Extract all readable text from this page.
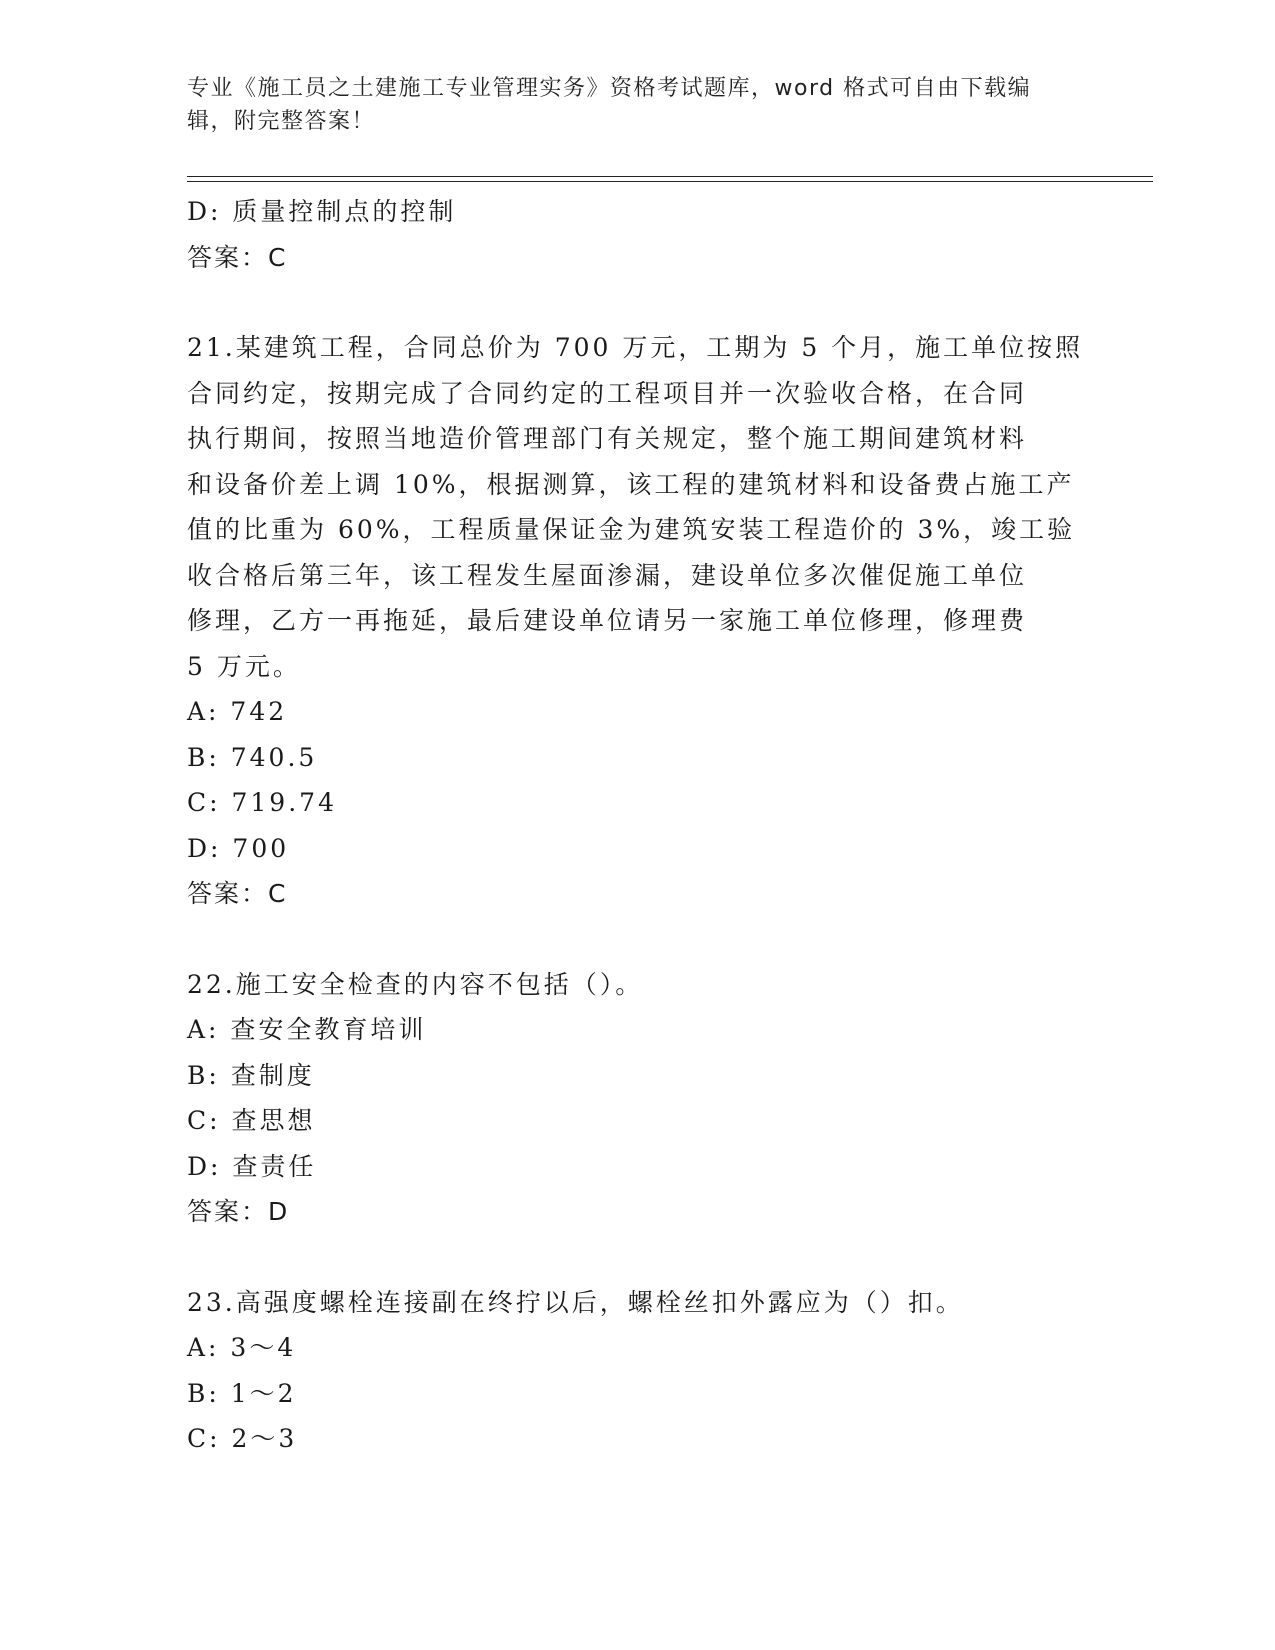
专业《施工员之土建施工专业管理实务》资格考试题库，word 格式可自由下载编
辑，附完整答案！
D: 质量控制点的控制
答案：C
21.某建筑工程，合同总价为 700 万元，工期为 5 个月，施工单位按照
合同约定，按期完成了合同约定的工程项目并一次验收合格，在合同
执行期间，按照当地造价管理部门有关规定，整个施工期间建筑材料
和设备价差上调 10%，根据测算，该工程的建筑材料和设备费占施工产
值的比重为 60%，工程质量保证金为建筑安装工程造价的 3%，竣工验
收合格后第三年，该工程发生屋面渗漏，建设单位多次催促施工单位
修理，乙方一再拖延，最后建设单位请另一家施工单位修理，修理费
5 万元。
A: 742
B: 740.5
C: 719.74
D: 700
答案：C
22.施工安全检查的内容不包括（）。
A: 查安全教育培训
B: 查制度
C: 查思想
D: 查责任
答案：D
23.高强度螺栓连接副在终拧以后，螺栓丝扣外露应为（）扣。
A: 3～4
B: 1～2
C: 2～3
